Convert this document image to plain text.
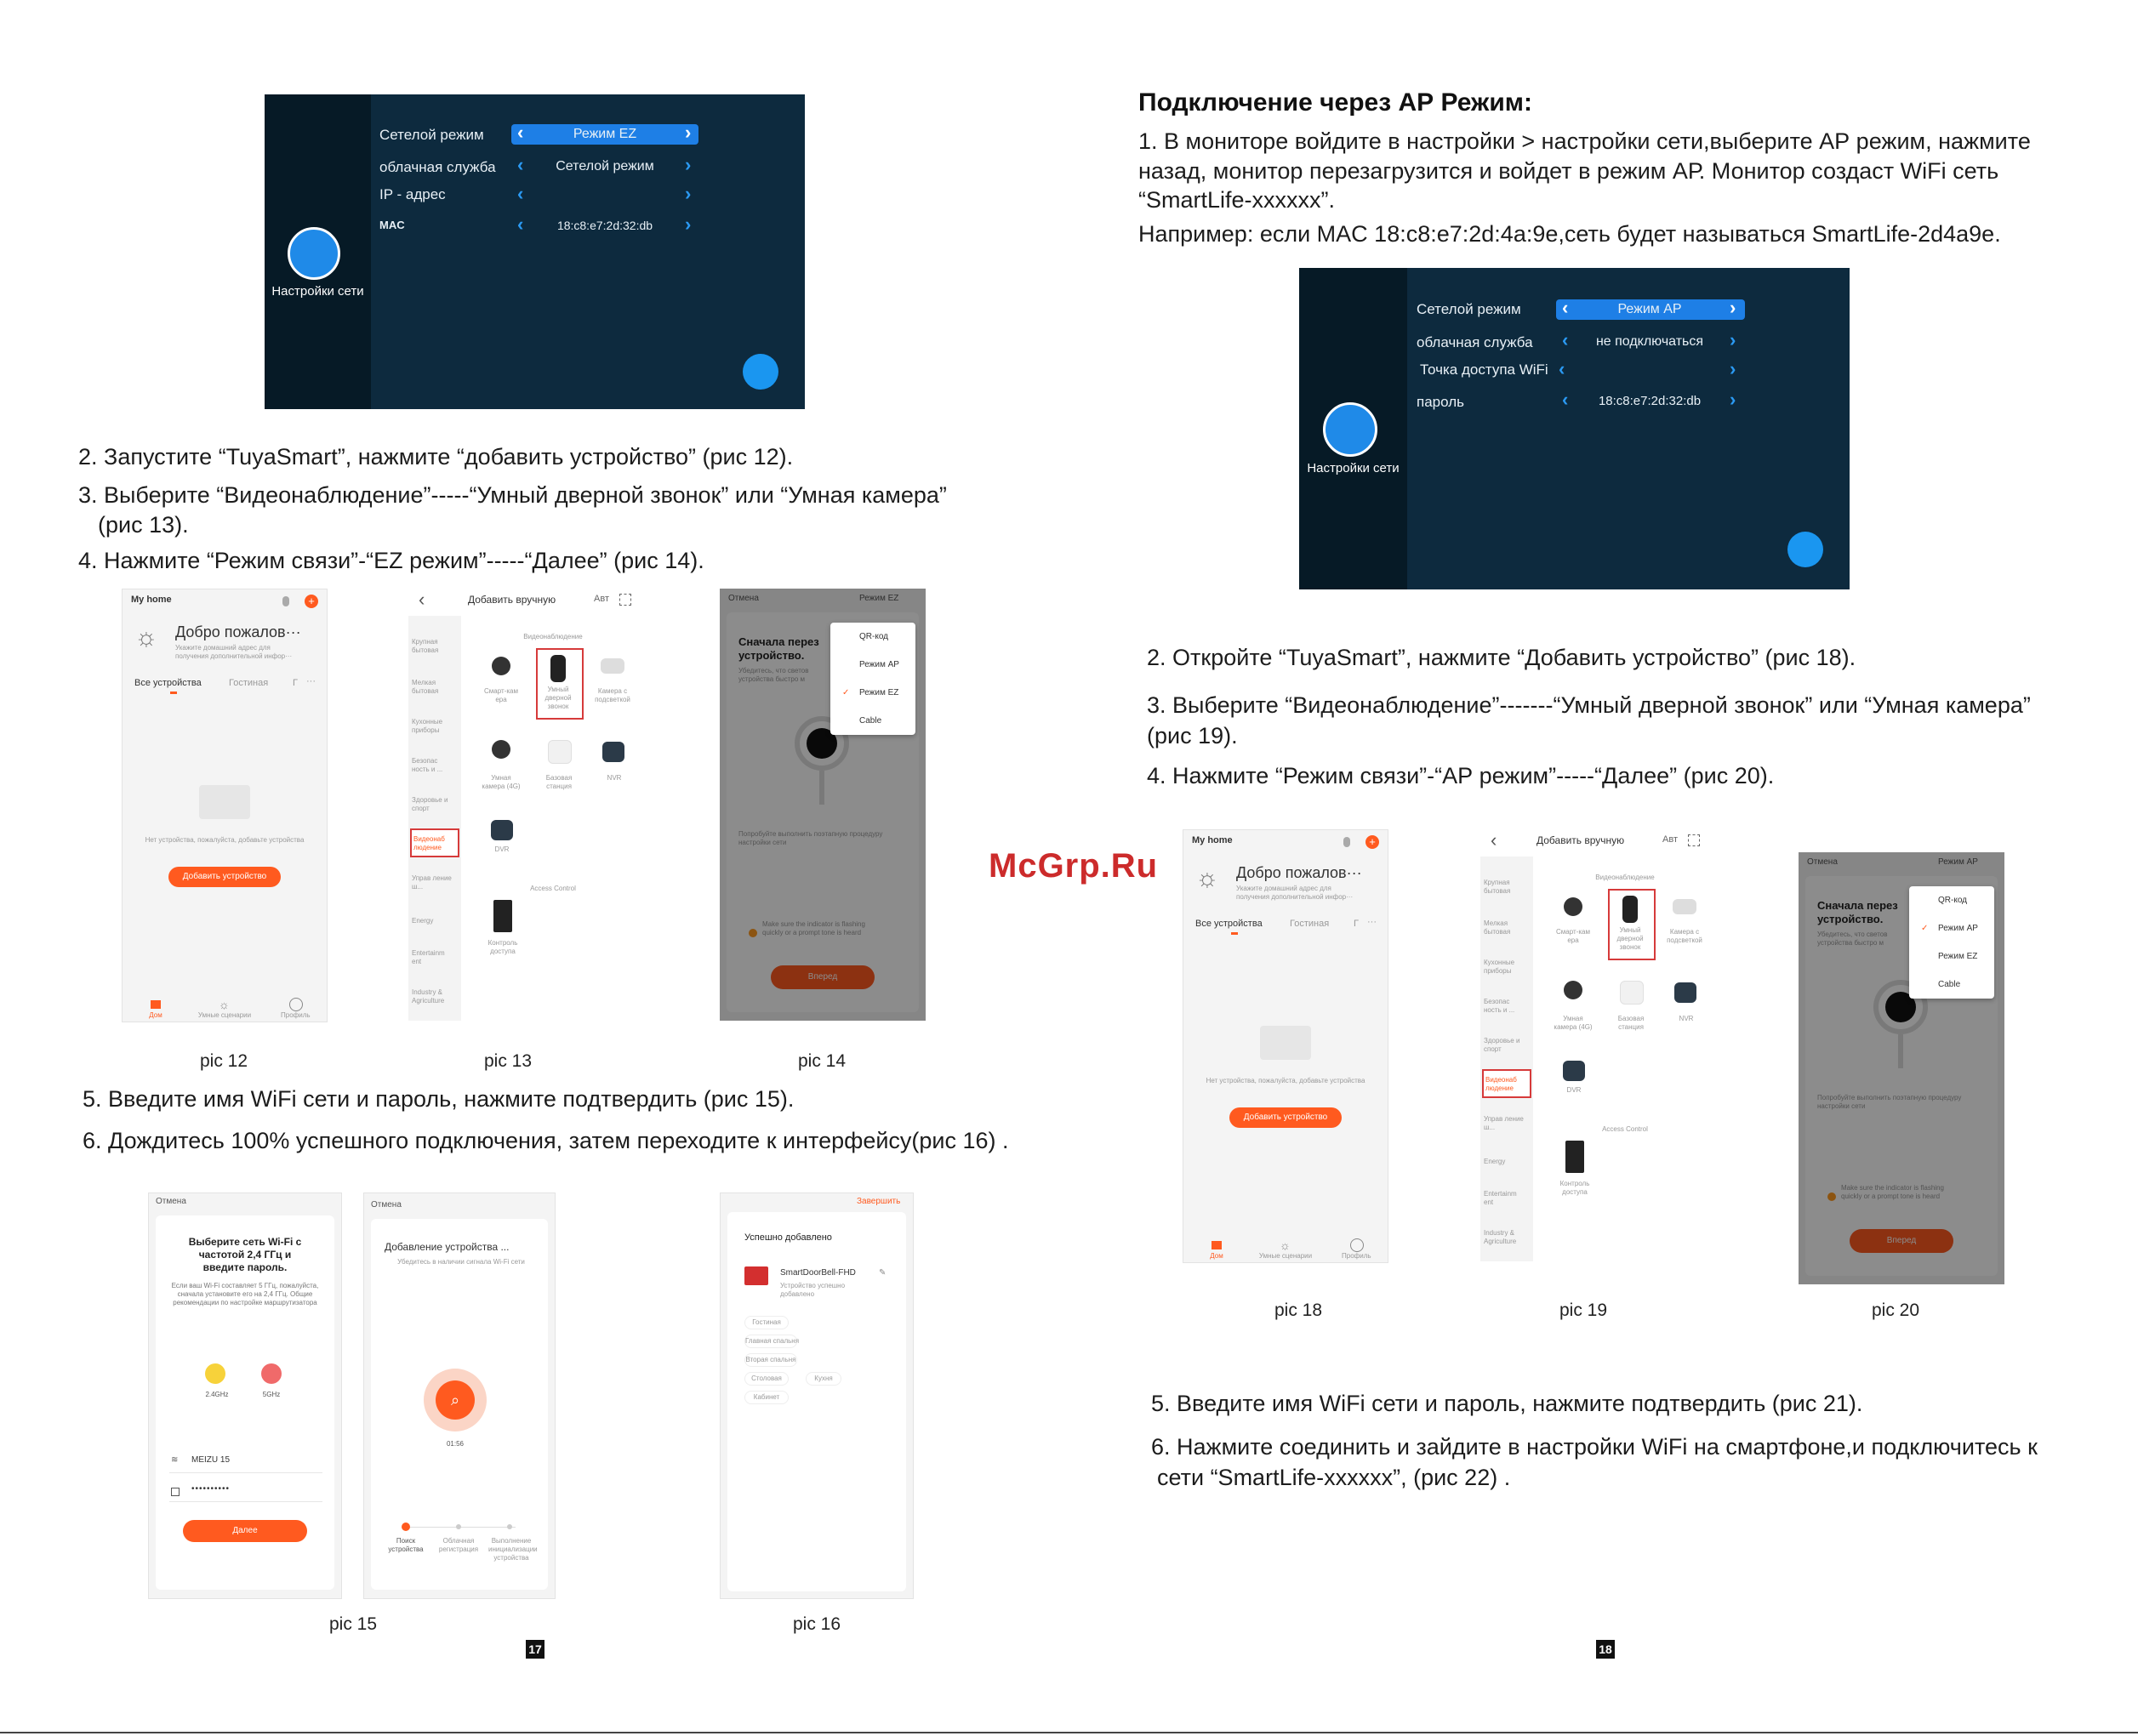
Настройки сети
Сетелой режим ‹	Режим EZ	›
облачная служба ‹	Сетелой режим	›
IP - адрес	‹	›
MAC	‹	18:c8:e7:2d:32:db	›
2. Запустите “TuyaSmart”, нажмите “добавить устройство” (рис 12).
3. Выберите “Видеонаблюдение”-----“Умный дверной звонок” или “Умная камера”
(рис 13).
4. Нажмите “Режим связи”-“EZ режим”-----“Далее” (рис 14).
My home	+
☼ Добро пожалов···
Укажите домашний адрес для получения дополнительной инфор···
Все устройства	Гостиная	Г ···
Нет устройства, пожалуйста, добавьте устройства
Добавить устройство
☼
Дом	Умные сценарии	Профиль
‹	Добавить вручную	Авт
Крупная бытовая
Мелкая бытовая
Кухонные приборы
Безопас ность и ...
Здоровье и спорт
Видеонаб людение
Управ ление ш...
Energy
Entertainm ent
Industry & Agriculture
Видеонаблюдение
Смарт-кам ера
Умный дверной звонок
Камера с подсветкой
Умная камера (4G)
Базовая станция
NVR
DVR
Access Control
Контроль доступа
Отмена	Режим EZ
Сначала перез устройство.
Убедитесь, что светов устройства быстро м
Попробуйте выполнить поэтапную процедуру настройки сети
Make sure the indicator is flashing quickly or a prompt tone is heard
Вперед
QR-код
Режим АР
✓ Режим EZ
Cable
pic 12	pic 13	pic 14
5. Введите имя WiFi сети и пароль, нажмите подтвердить (рис 15).
6. Дождитесь 100% успешного подключения, затем переходите к интерфейсу(рис 16) .
Отмена
Выберите сеть Wi-Fi с частотой 2,4 ГГц и введите пароль.
Если ваш Wi-Fi составляет 5 ГГц, пожалуйста, сначала установите его на 2,4 ГГц. Общие рекомендации по настройке маршрутизатора
2.4GHz	5GHz
≋ MEIZU 15
••••••••••
Далее
Отмена
Добавление устройства ...
Убедитесь в наличии сигнала Wi-Fi сети
⌕
01:56
Поиск устройства
Облачная регистрация
Выполнение инициализации устройства
Завершить
Успешно добавлено
SmartDoorBell-FHD	✎
Устройство успешно добавлено
Гостиная
Главная спальня
Вторая спальня
Столовая	Кухня
Кабинет
pic 15	pic 16
17
McGrp.Ru
Подключение через АР Режим:
1. В мониторе войдите в настройки > настройки сети,выберите АР режим, нажмите
назад, монитор перезагрузится и войдет в режим АР. Монитор создаст WiFi сеть
“SmartLife-xxxxxx”.
Например: если MAC 18:c8:e7:2d:4a:9e,сеть будет называться SmartLife-2d4a9e.
Настройки сети
Сетелой режим ‹	Режим АР	›
облачная служба ‹	не подключаться	›
Точка доступа WiFi ‹	›
пароль	‹	18:c8:e7:2d:32:db	›
2. Откройте “TuyaSmart”, нажмите “Добавить устройство” (рис 18).
3. Выберите “Видеонаблюдение”-------“Умный дверной звонок” или “Умная камера”
(рис 19).
4. Нажмите “Режим связи”-“АР режим”-----“Далее” (рис 20).
My home	+
☼ Добро пожалов···
Укажите домашний адрес для получения дополнительной инфор···
Все устройства	Гостиная	Г ···
Нет устройства, пожалуйста, добавьте устройства
Добавить устройство
☼
Дом	Умные сценарии	Профиль
‹	Добавить вручную	Авт
Крупная бытовая
Мелкая бытовая
Кухонные приборы
Безопас ность и ...
Здоровье и спорт
Видеонаб людение
Управ ление ш...
Energy
Entertainm ent
Industry & Agriculture
Видеонаблюдение
Смарт-кам ера
Умный дверной звонок
Камера с подсветкой
Умная камера (4G)
Базовая станция
NVR
DVR
Access Control
Контроль доступа
Отмена	Режим АР
Сначала перез устройство.
Убедитесь, что светов устройства быстро м
Попробуйте выполнить поэтапную процедуру настройки сети
Make sure the indicator is flashing quickly or a prompt tone is heard
Вперед
QR-код
✓ Режим АР
Режим EZ
Cable
pic 18	pic 19	pic 20
5. Введите имя WiFi сети и пароль, нажмите подтвердить (рис 21).
6. Нажмите соединить и зайдите в настройки WiFi на смартфоне,и подключитесь к
сети “SmartLife-xxxxxx”, (рис 22) .
18
